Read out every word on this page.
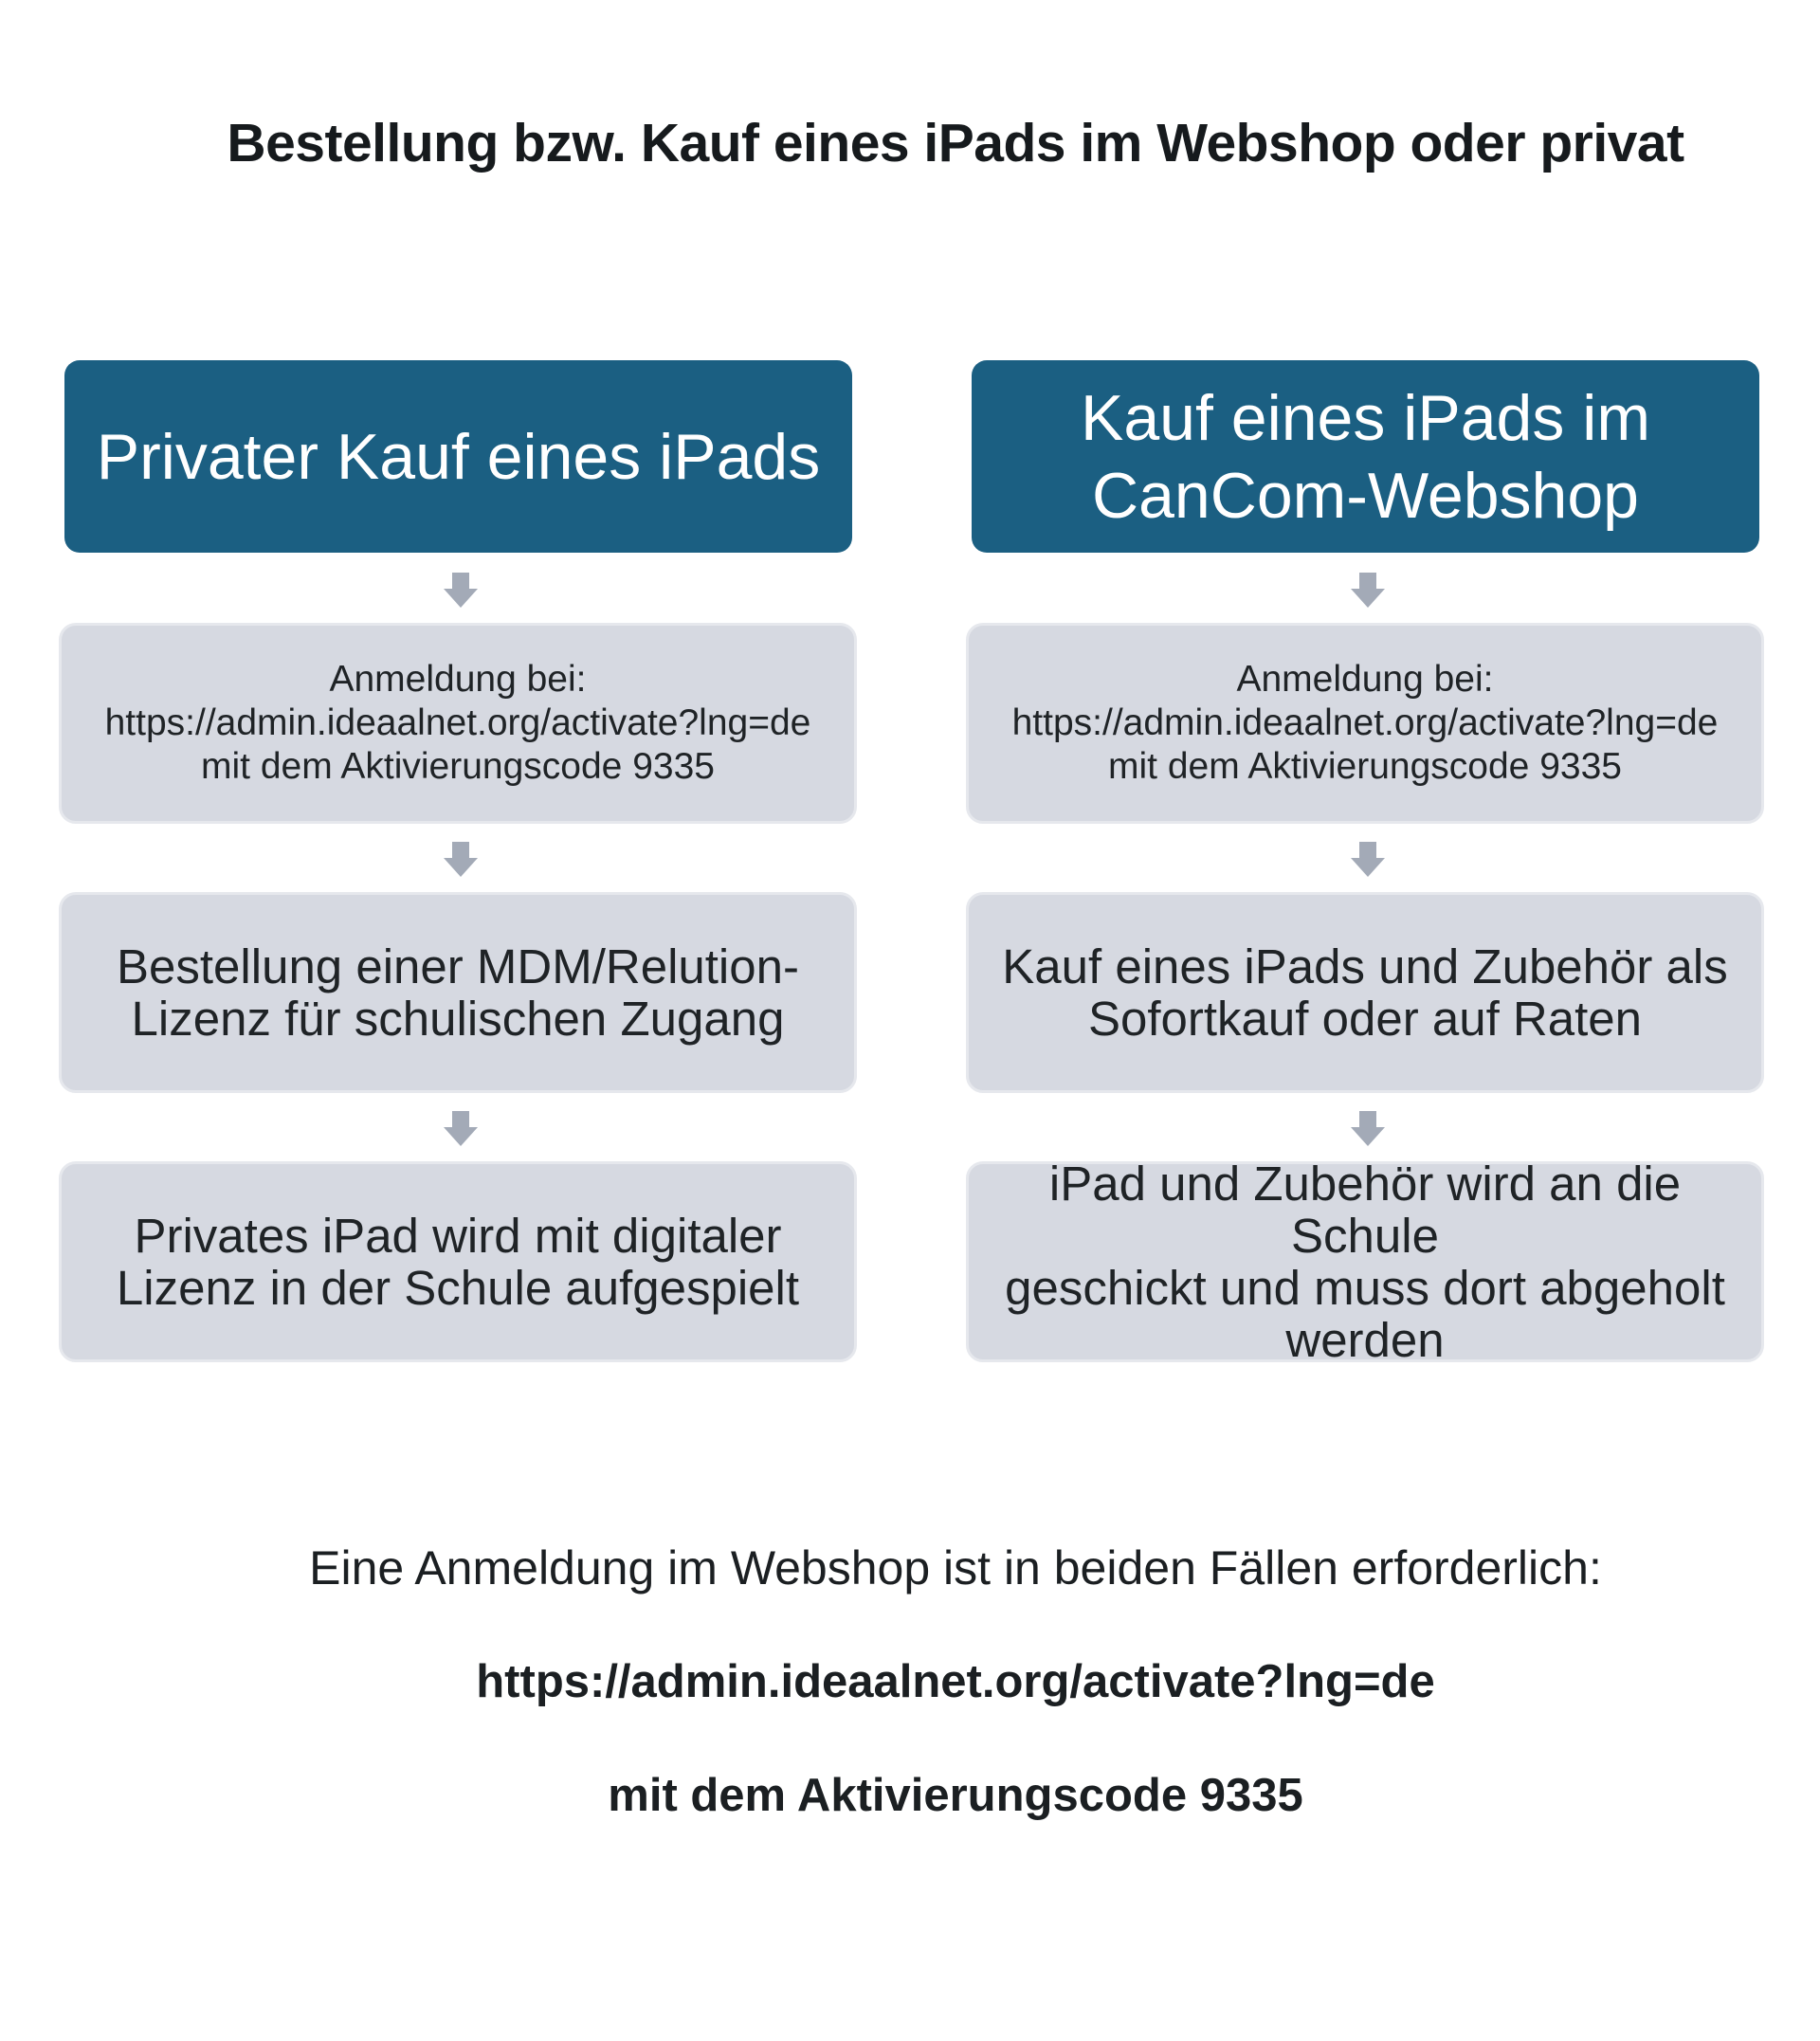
Bestellung bzw. Kauf eines iPads im Webshop oder privat
Privater Kauf eines iPads
Anmeldung bei:
https://admin.ideaalnet.org/activate?lng=de
mit dem Aktivierungscode 9335
Bestellung einer MDM/Relution-
Lizenz für schulischen Zugang
Privates iPad wird mit digitaler
Lizenz in der Schule aufgespielt
Kauf eines iPads im
CanCom-Webshop
Anmeldung bei:
https://admin.ideaalnet.org/activate?lng=de
mit dem Aktivierungscode 9335
Kauf eines iPads und Zubehör als
Sofortkauf oder auf Raten
iPad und Zubehör wird an die Schule
geschickt und muss dort abgeholt
werden
Eine Anmeldung im Webshop ist in beiden Fällen erforderlich:
https://admin.ideaalnet.org/activate?lng=de
mit dem Aktivierungscode 9335
